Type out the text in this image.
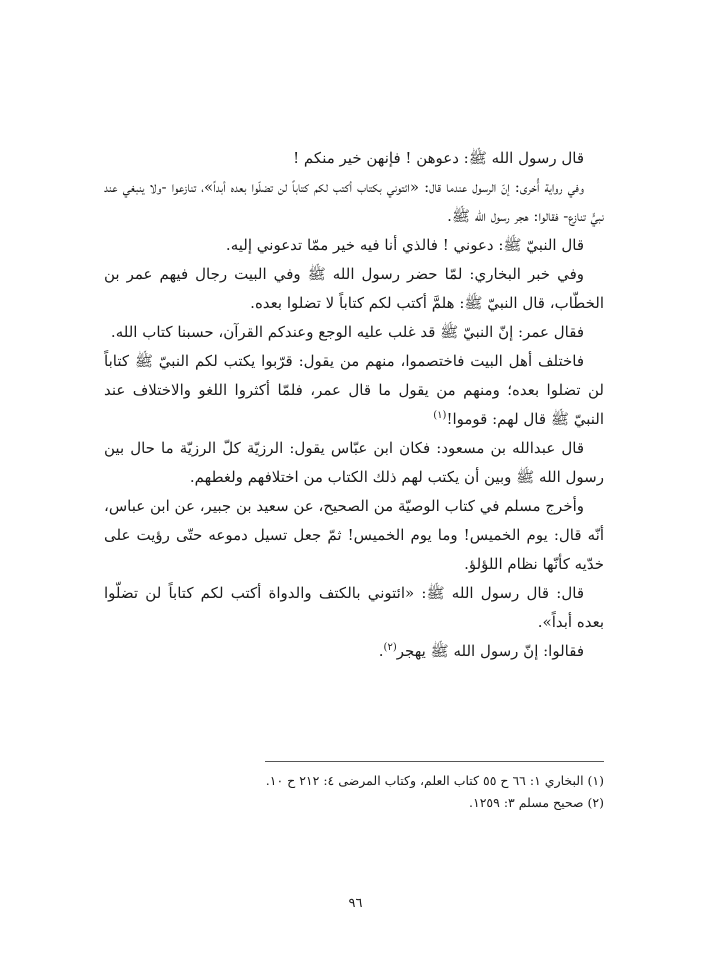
قال رسول الله ﷺ: دعوهن ! فإنهن خير منكم !

وفي رواية أُخرى: إنّ الرسول عندما قال: «ائتوني بكتاب أكتب لكم كتاباً لن تضلّوا بعده أبداً»، تنازعوا -ولا ينبغي عند نبيٍّ تنازع- فقالوا: هجر رسول الله ﷺ.

قال النبيّ ﷺ: دعوني ! فالذي أنا فيه خير ممّا تدعوني إليه.

وفي خبر البخاري: لمّا حضر رسول الله ﷺ وفي البيت رجال فيهم عمر بن الخطّاب، قال النبيّ ﷺ: هلمَّ أكتب لكم كتاباً لا تضلوا بعده.

فقال عمر: إنّ النبيّ ﷺ قد غلب عليه الوجع وعندكم القرآن، حسبنا كتاب الله.

فاختلف أهل البيت فاختصموا، منهم من يقول: قرّبوا يكتب لكم النبيّ ﷺ كتاباً لن تضلوا بعده؛ ومنهم من يقول ما قال عمر، فلمّا أكثروا اللغو والاختلاف عند النبيّ ﷺ قال لهم: قوموا!$^{(١)}$

قال عبدالله بن مسعود: فكان ابن عبّاس يقول: الرزيّة كلّ الرزيّة ما حال بين رسول الله ﷺ وبين أن يكتب لهم ذلك الكتاب من اختلافهم ولغطهم.

وأخرج مسلم في كتاب الوصيّة من الصحيح، عن سعيد بن جبير، عن ابن عباس، أنّه قال: يوم الخميس! وما يوم الخميس! ثمّ جعل تسيل دموعه حتّى رؤيت على خدّيه كأنّها نظام اللؤلؤ.

قال: قال رسول الله ﷺ: «ائتوني بالكتف والدواة أكتب لكم كتاباً لن تضلّوا بعده أبداً».

فقالوا: إنّ رسول الله ﷺ يهجر$^{(٢)}$.

(١) البخاري ١: ٦٦ ح ٥٥ كتاب العلم، وكتاب المرضى ٤: ٢١٢ ح ١٠.

(٢) صحيح مسلم ٣: ١٢٥٩.

٩٦
